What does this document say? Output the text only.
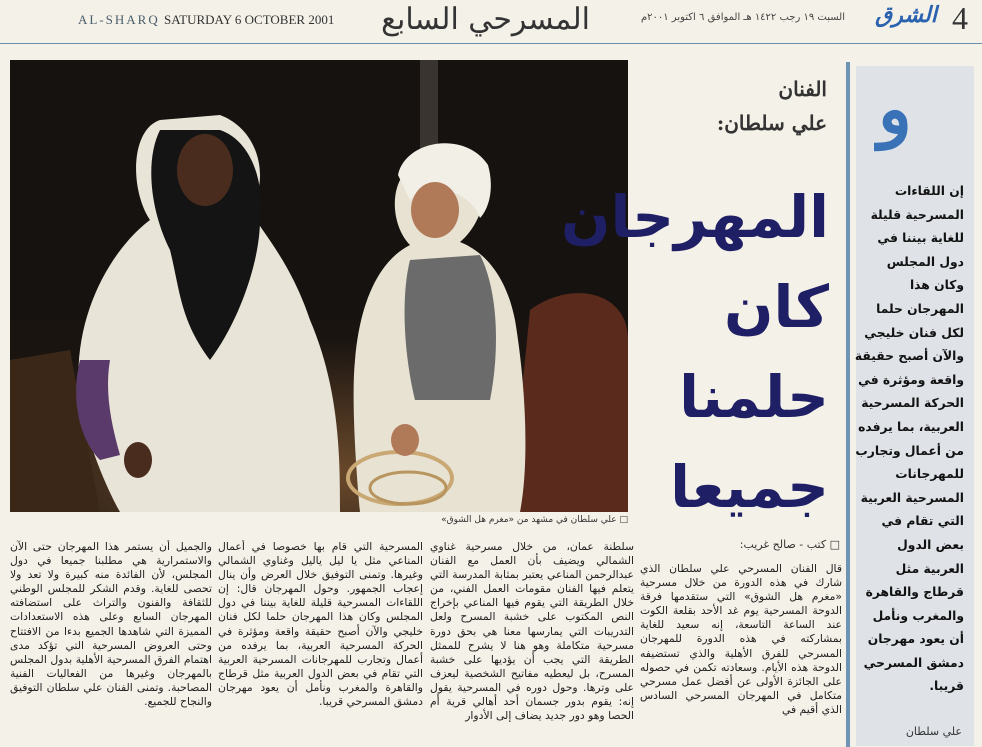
AL-SHARQ SATURDAY 6 OCTOBER 2001 المسرحي السابع	السبت ١٩ رجب ١٤٢٢ هـ الموافق ٦ اكتوبر ٢٠٠١م	الشرق 4
□ علي سلطان في مشهد من «مغرم هل الشوق»
الفنان
علي سلطان:
المهرجان
كان
حلمنا
جميعا
□ كتب - صالح غريب:
و
إن اللقاءات المسرحية قليلة للغاية بيننا في دول المجلس وكان هذا المهرجان حلما لكل فنان خليجي والآن أصبح حقيقة واقعة ومؤثرة في الحركة المسرحية العربية، بما يرفده من أعمال وتجارب للمهرجانات المسرحية العربية التي تقام في بعض الدول العربية مثل قرطاج والقاهرة والمغرب ونأمل أن يعود مهرجان دمشق المسرحي قريبا.
علي سلطان

قال الفنان المسرحي علي سلطان الذي شارك في هذه الدورة من خلال مسرحية «مغرم هل الشوق» التي ستقدمها فرقة الدوحة المسرحية يوم غد الأحد بقلعة الكوت عند الساعة التاسعة، إنه سعيد للغاية بمشاركته في هذه الدورة للمهرجان المسرحي للفرق الأهلية والذي تستضيفه الدوحة هذه الأيام. وسعادته تكمن في حصوله على الجائزة الأولى عن أفضل عمل مسرحي متكامل في المهرجان المسرحي السادس الذي أقيم في

سلطنة عمان، من خلال مسرحية غناوي الشمالي ويضيف بأن العمل مع الفنان عبدالرحمن المناعي يعتبر بمثابة المدرسة التي يتعلم فيها الفنان مقومات العمل الفني، من خلال الطريقة التي يقوم فيها المناعي بإخراج النص المكتوب على خشبة المسرح ولعل التدريبات التي يمارسها معنا هي بحق دورة مسرحية متكاملة وهو هنا لا يشرح للممثل الطريقة التي يجب أن يؤديها على خشبة المسرح، بل ليعطيه مفاتيح الشخصية ليعزف على وترها. وحول دوره في المسرحية يقول إنه: يقوم بدور جسمان أحد أهالي قرية أم الحصا وهو دور جديد يضاف إلى الأدوار

المسرحية التي قام بها خصوصا في أعمال المناعي مثل يا ليل ياليل وغناوي الشمالي وغيرها. وتمنى التوفيق خلال العرض وأن ينال إعجاب الجمهور. وحول المهرجان قال: إن اللقاءات المسرحية قليلة للغاية بيننا في دول المجلس وكان هذا المهرجان حلما لكل فنان خليجي والآن أصبح حقيقة واقعة ومؤثرة في الحركة المسرحية العربية، بما يرفده من أعمال وتجارب للمهرجانات المسرحية العربية التي تقام في بعض الدول العربية مثل قرطاج والقاهرة والمغرب ونأمل أن يعود مهرجان دمشق المسرحي قريبا.

والجميل أن يستمر هذا المهرجان حتى الآن والاستمرارية هي مطلبنا جميعا في دول المجلس، لأن الفائدة منه كبيرة ولا تعد ولا تحصى للغاية. وقدم الشكر للمجلس الوطني للثقافة والفنون والتراث على استضافته المهرجان السابع وعلى هذه الاستعدادات المميزة التي شاهدها الجميع بدءا من الافتتاح وحتى العروض المسرحية التي تؤكد مدى اهتمام الفرق المسرحية الأهلية بدول المجلس بالمهرجان وغيرها من الفعاليات الفنية المصاحبة. وتمنى الفنان علي سلطان التوفيق والنجاح للجميع.
